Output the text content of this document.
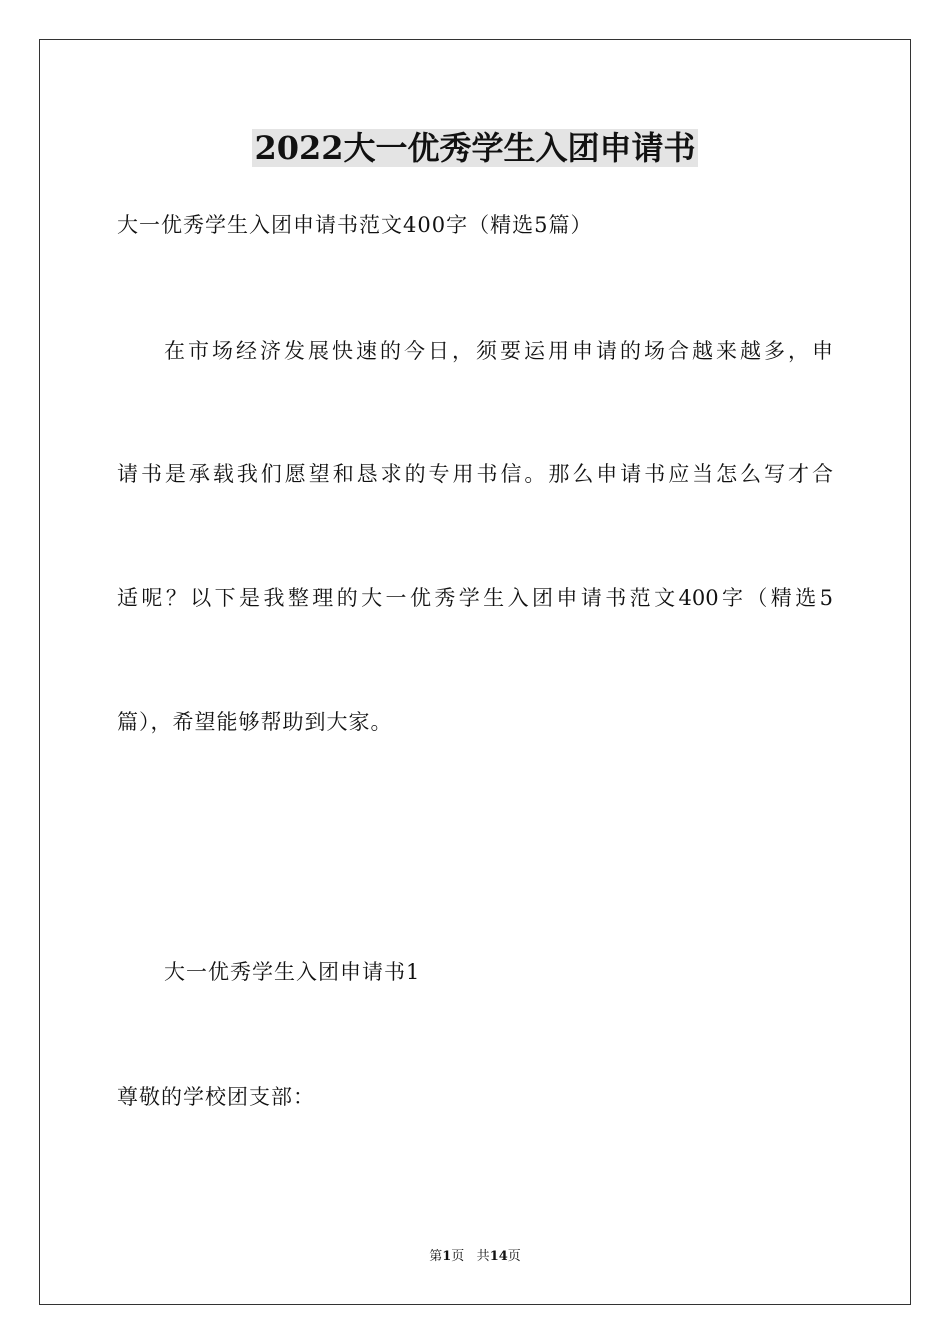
2022大一优秀学生入团申请书
大一优秀学生入团申请书范文400字（精选5篇）
在市场经济发展快速的今日，须要运用申请的场合越来越多，申
请书是承载我们愿望和恳求的专用书信。那么申请书应当怎么写才合
适呢？以下是我整理的大一优秀学生入团申请书范文400字（精选5
篇），希望能够帮助到大家。
大一优秀学生入团申请书1
尊敬的学校团支部：
第1页 共14页
